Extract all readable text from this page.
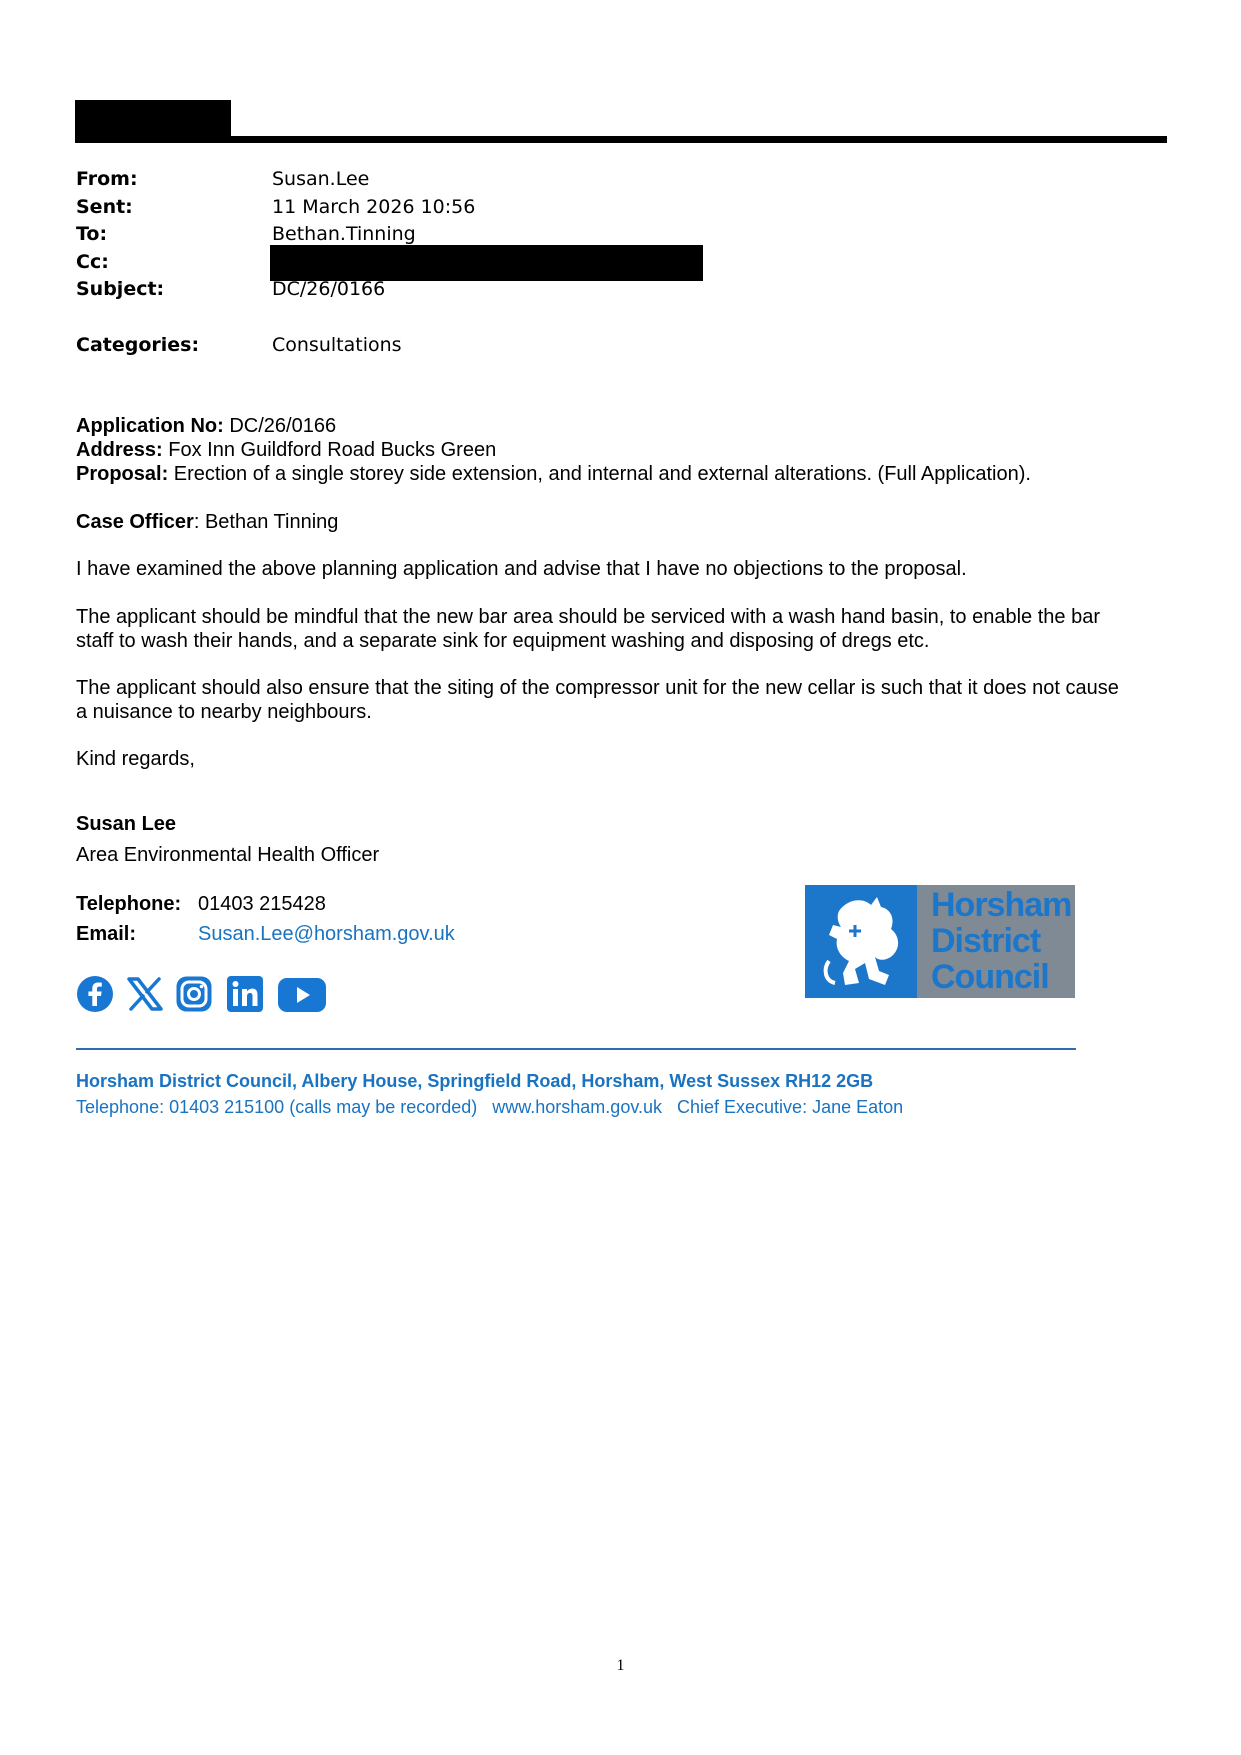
From:	Susan.Lee
Sent:	11 March 2026 10:56
To:	Bethan.Tinning
Cc:
Subject:	DC/26/0166
Categories:	Consultations
Application No: DC/26/0166
Address: Fox Inn Guildford Road Bucks Green
Proposal: Erection of a single storey side extension, and internal and external alterations. (Full Application).
Case Officer: Bethan Tinning
I have examined the above planning application and advise that I have no objections to the proposal.
The applicant should be mindful that the new bar area should be serviced with a wash hand basin, to enable the bar
staff to wash their hands, and a separate sink for equipment washing and disposing of dregs etc.
The applicant should also ensure that the siting of the compressor unit for the new cellar is such that it does not cause
a nuisance to nearby neighbours.
Kind regards,
Susan Lee
Area Environmental Health Officer
Telephone: 01403 215428
Email:	Susan.Lee@horsham.gov.uk
Horsham
District
Council
Horsham District Council, Albery House, Springfield Road, Horsham, West Sussex RH12 2GB
Telephone: 01403 215100 (calls may be recorded)   www.horsham.gov.uk   Chief Executive: Jane Eaton
1
